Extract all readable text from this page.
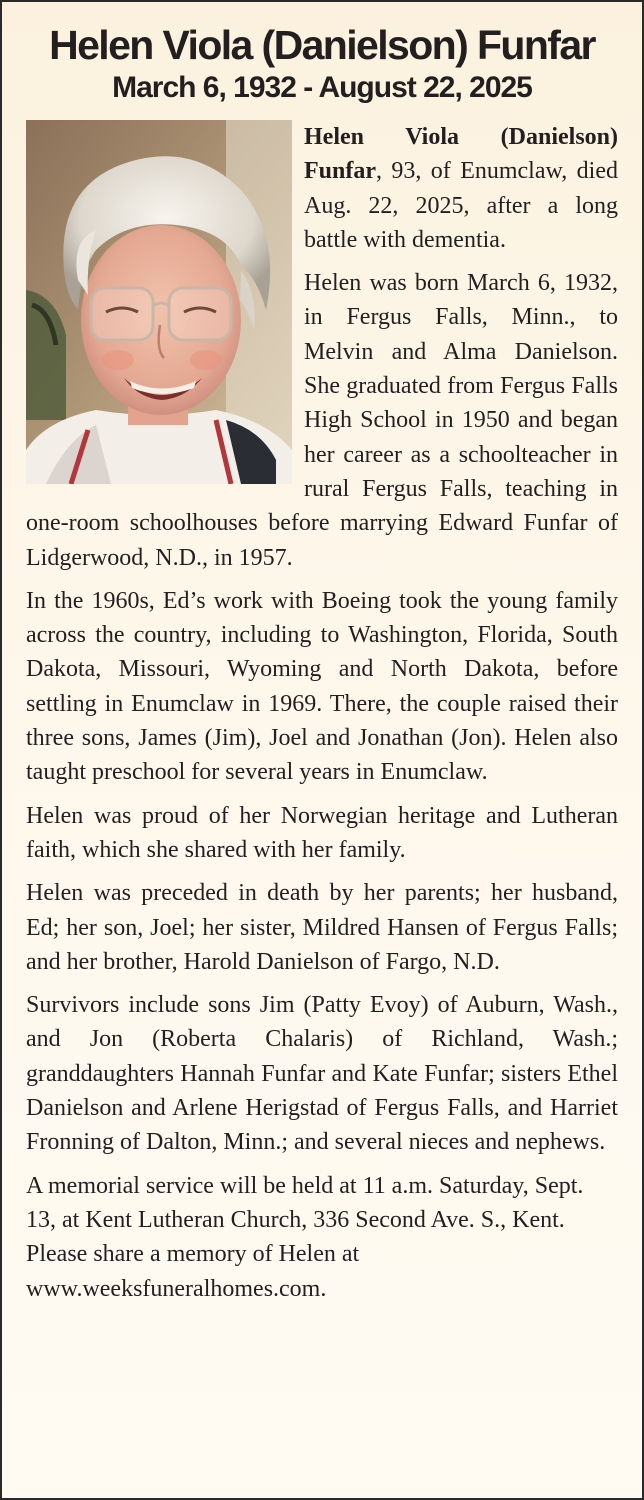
Helen Viola (Danielson) Funfar
March 6, 1932 - August 22, 2025

Helen Viola (Danielson) Funfar, 93, of Enumclaw, died Aug. 22, 2025, after a long battle with dementia.

Helen was born March 6, 1932, in Fergus Falls, Minn., to Melvin and Alma Danielson. She graduated from Fergus Falls High School in 1950 and began her career as a schoolteacher in rural Fergus Falls, teaching in one-room schoolhouses before marrying Edward Funfar of Lidgerwood, N.D., in 1957.

In the 1960s, Ed’s work with Boeing took the young family across the country, including to Washington, Florida, South Dakota, Missouri, Wyoming and North Dakota, before settling in Enumclaw in 1969. There, the couple raised their three sons, James (Jim), Joel and Jonathan (Jon). Helen also taught preschool for several years in Enumclaw.

Helen was proud of her Norwegian heritage and Lutheran faith, which she shared with her family.

Helen was preceded in death by her parents; her husband, Ed; her son, Joel; her sister, Mildred Hansen of Fergus Falls; and her brother, Harold Danielson of Fargo, N.D.

Survivors include sons Jim (Patty Evoy) of Auburn, Wash., and Jon (Roberta Chalaris) of Richland, Wash.; granddaughters Hannah Funfar and Kate Funfar; sisters Ethel Danielson and Arlene Herigstad of Fergus Falls, and Harriet Fronning of Dalton, Minn.; and several nieces and nephews.

A memorial service will be held at 11 a.m. Saturday, Sept. 13, at Kent Lutheran Church, 336 Second Ave. S., Kent. Please share a memory of Helen at www.weeksfuneralhomes.com.
